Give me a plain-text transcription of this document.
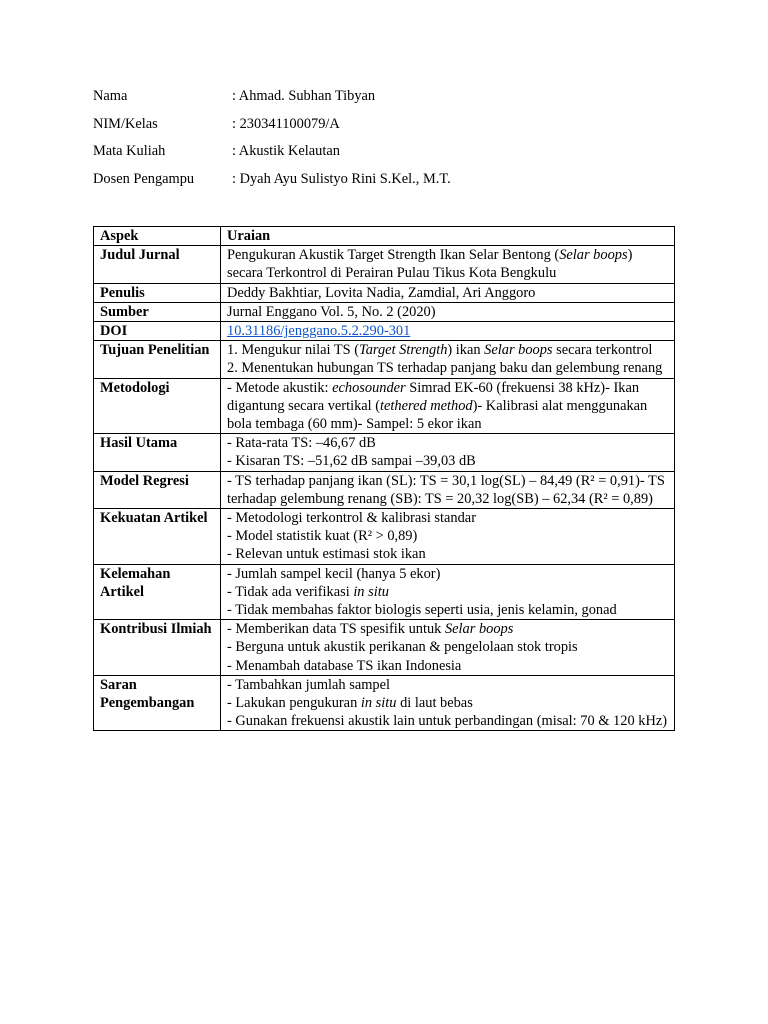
Nama	: Ahmad. Subhan Tibyan
NIM/Kelas	: 230341100079/A
Mata Kuliah	: Akustik Kelautan
Dosen Pengampu	: Dyah Ayu Sulistyo Rini S.Kel., M.T.
Aspek	Uraian
Judul Jurnal	Pengukuran Akustik Target Strength Ikan Selar Bentong (Selar boops) secara Terkontrol di Perairan Pulau Tikus Kota Bengkulu
Penulis	Deddy Bakhtiar, Lovita Nadia, Zamdial, Ari Anggoro
Sumber	Jurnal Enggano Vol. 5, No. 2 (2020)
DOI	10.31186/jenggano.5.2.290-301
Tujuan Penelitian	1. Mengukur nilai TS (Target Strength) ikan Selar boops secara terkontrol
2. Menentukan hubungan TS terhadap panjang baku dan gelembung renang

Metodologi	- Metode akustik: echosounder Simrad EK-60 (frekuensi 38 kHz)- Ikan digantung secara vertikal (tethered method)- Kalibrasi alat menggunakan bola tembaga (60 mm)- Sampel: 5 ekor ikan
Hasil Utama	- Rata-rata TS: –46,67 dB
- Kisaran TS: –51,62 dB sampai –39,03 dB

Model Regresi	- TS terhadap panjang ikan (SL): TS = 30,1 log(SL) – 84,49 (R² = 0,91)- TS terhadap gelembung renang (SB): TS = 20,32 log(SB) – 62,34 (R² = 0,89)
Kekuatan Artikel	- Metodologi terkontrol & kalibrasi standar
- Model statistik kuat (R² > 0,89)
- Relevan untuk estimasi stok ikan

Kelemahan Artikel	- Jumlah sampel kecil (hanya 5 ekor)
- Tidak ada verifikasi in situ
- Tidak membahas faktor biologis seperti usia, jenis kelamin, gonad

Kontribusi Ilmiah	- Memberikan data TS spesifik untuk Selar boops
- Berguna untuk akustik perikanan & pengelolaan stok tropis
- Menambah database TS ikan Indonesia

Saran Pengembangan	- Tambahkan jumlah sampel
- Lakukan pengukuran in situ di laut bebas
- Gunakan frekuensi akustik lain untuk perbandingan (misal: 70 & 120 kHz)
